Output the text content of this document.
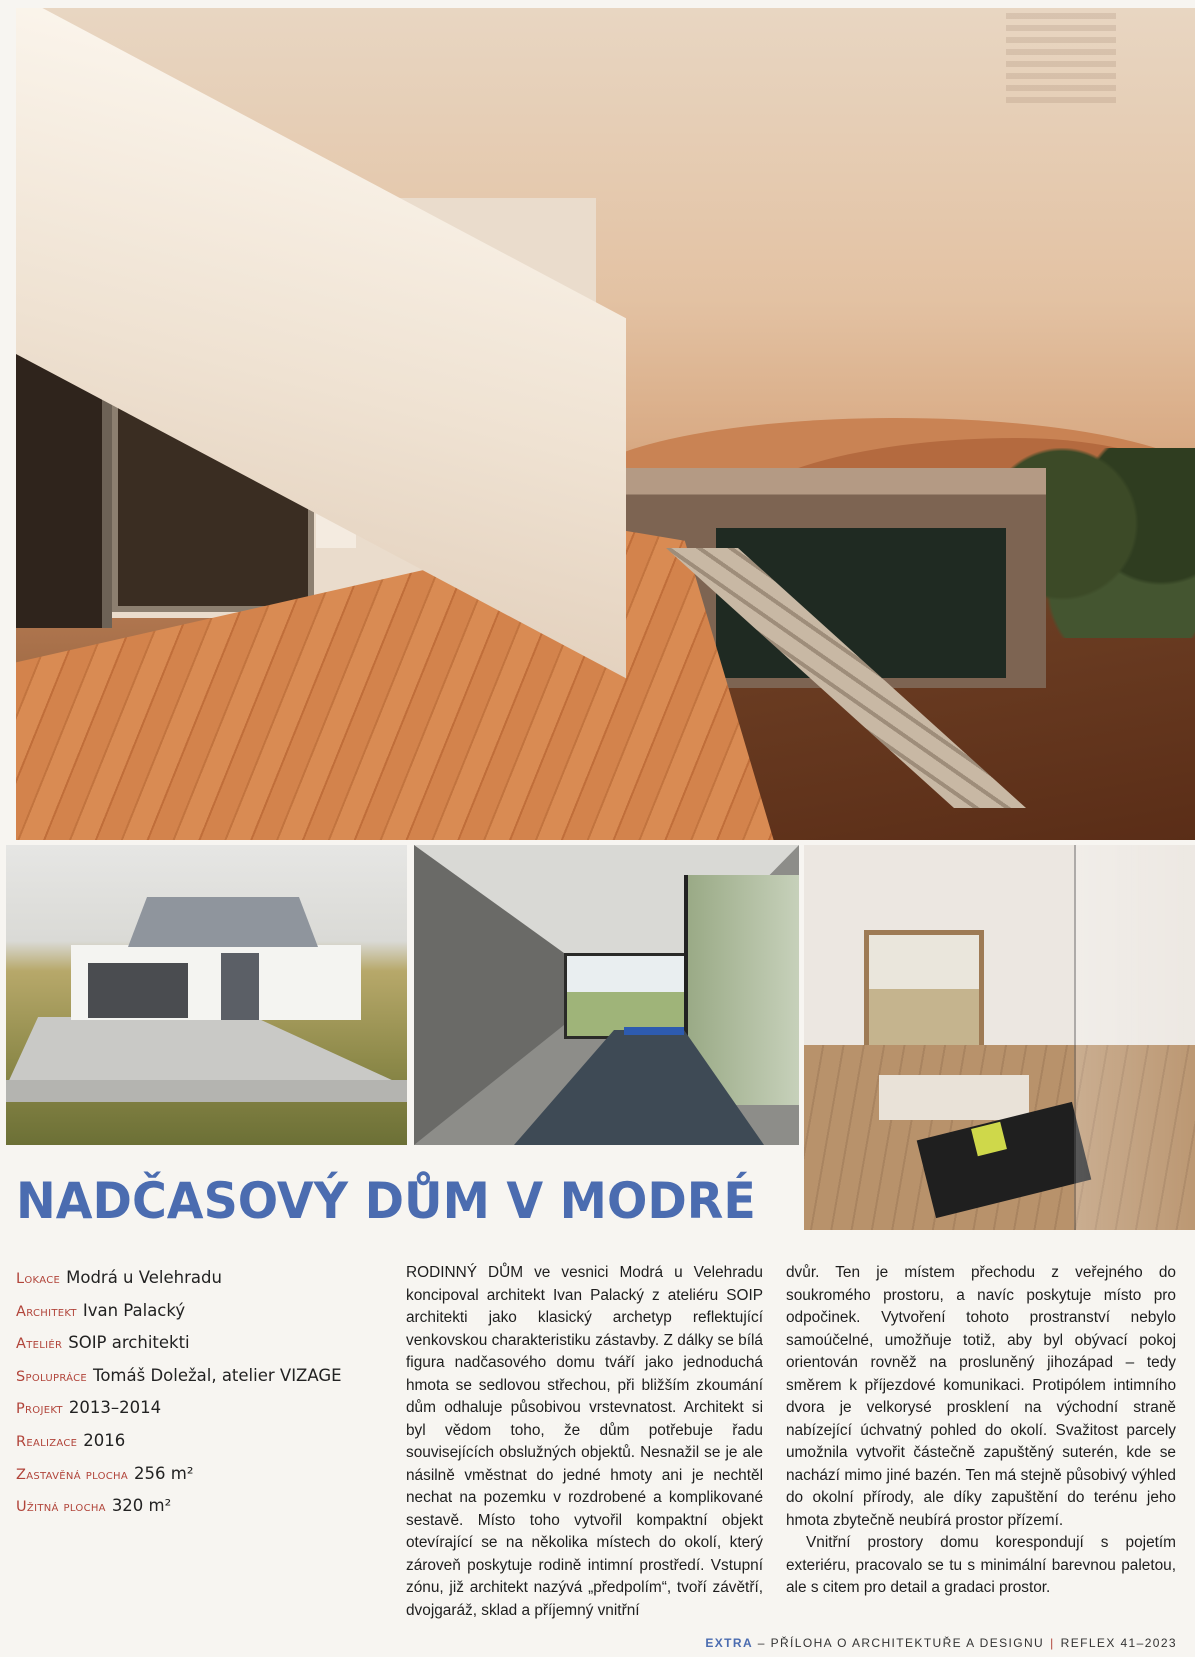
NADČASOVÝ DŮM V MODRÉ
Lokace Modrá u Velehradu
Architekt Ivan Palacký
Ateliér SOIP architekti
Spolupráce Tomáš Doležal, atelier VIZAGE
Projekt 2013–2014
Realizace 2016
Zastavěná plocha 256 m²
Užitná plocha 320 m²

RODINNÝ DŮM ve vesnici Modrá u Velehradu koncipoval architekt Ivan Palacký z ateliéru SOIP architekti jako klasický archetyp reflektující venkovskou charakteristiku zástavby. Z dálky se bílá figura nadčasového domu tváří jako jednoduchá hmota se sedlovou střechou, při bližším zkoumání dům odhaluje působivou vrstevnatost. Architekt si byl vědom toho, že dům potřebuje řadu souvisejících obslužných objektů. Nesnažil se je ale násilně vměstnat do jedné hmoty ani je nechtěl nechat na pozemku v rozdrobené a komplikované sestavě. Místo toho vytvořil kompaktní objekt otevírající se na několika místech do okolí, který zároveň poskytuje rodině intimní prostředí. Vstupní zónu, již architekt nazývá „předpolím“, tvoří závětří, dvojgaráž, sklad a příjemný vnitřní

dvůr. Ten je místem přechodu z veřejného do soukromého prostoru, a navíc poskytuje místo pro odpočinek. Vytvoření tohoto prostranství nebylo samoúčelné, umožňuje totiž, aby byl obývací pokoj orientován rovněž na prosluněný jihozápad – tedy směrem k příjezdové komunikaci. Protipólem intimního dvora je velkorysé prosklení na východní straně nabízející úchvatný pohled do okolí. Svažitost parcely umožnila vytvořit částečně zapuštěný suterén, kde se nachází mimo jiné bazén. Ten má stejně působivý výhled do okolní přírody, ale díky zapuštění do terénu jeho hmota zbytečně neubírá prostor přízemí.

Vnitřní prostory domu korespondují s pojetím exteriéru, pracovalo se tu s minimální barevnou paletou, ale s citem pro detail a gradaci prostor.

EXTRA – PŘÍLOHA O ARCHITEKTUŘE A DESIGNU | REFLEX 41–2023
